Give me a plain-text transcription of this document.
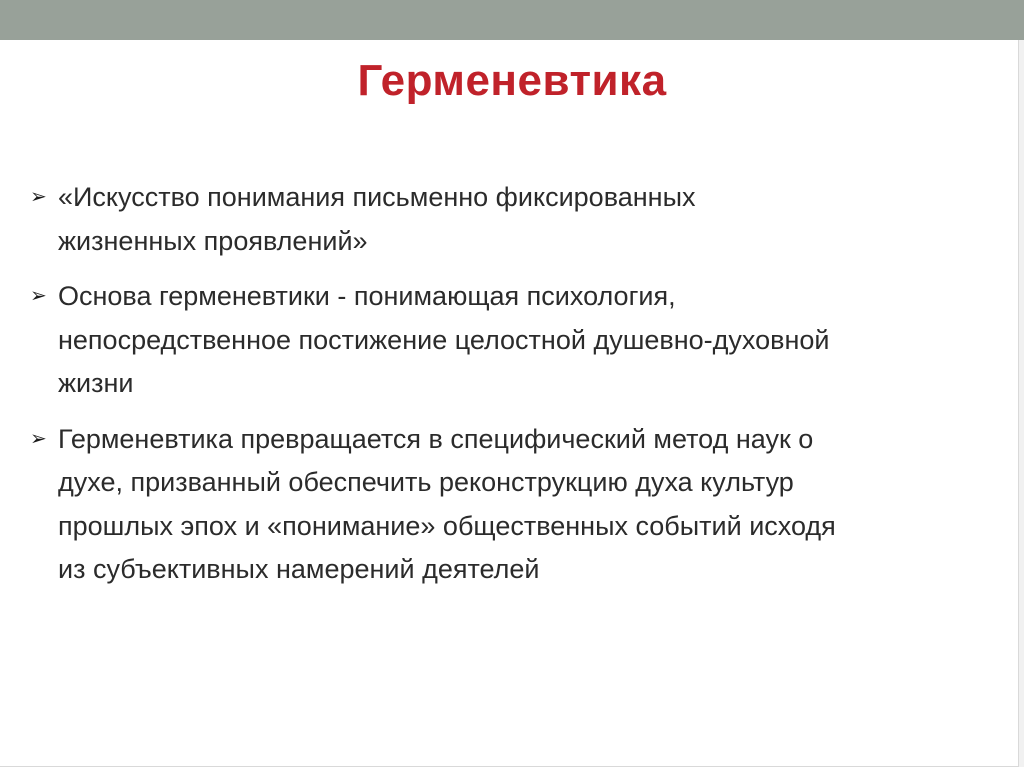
Герменевтика
➢ «Искусство понимания письменно фиксированных
жизненных проявлений»
➢ Основа герменевтики - понимающая психология,
непосредственное постижение целостной душевно-духовной
жизни
➢ Герменевтика превращается в специфический метод наук о
духе, призванный обеспечить реконструкцию духа культур
прошлых эпох и «понимание» общественных событий исходя
из субъективных намерений деятелей
